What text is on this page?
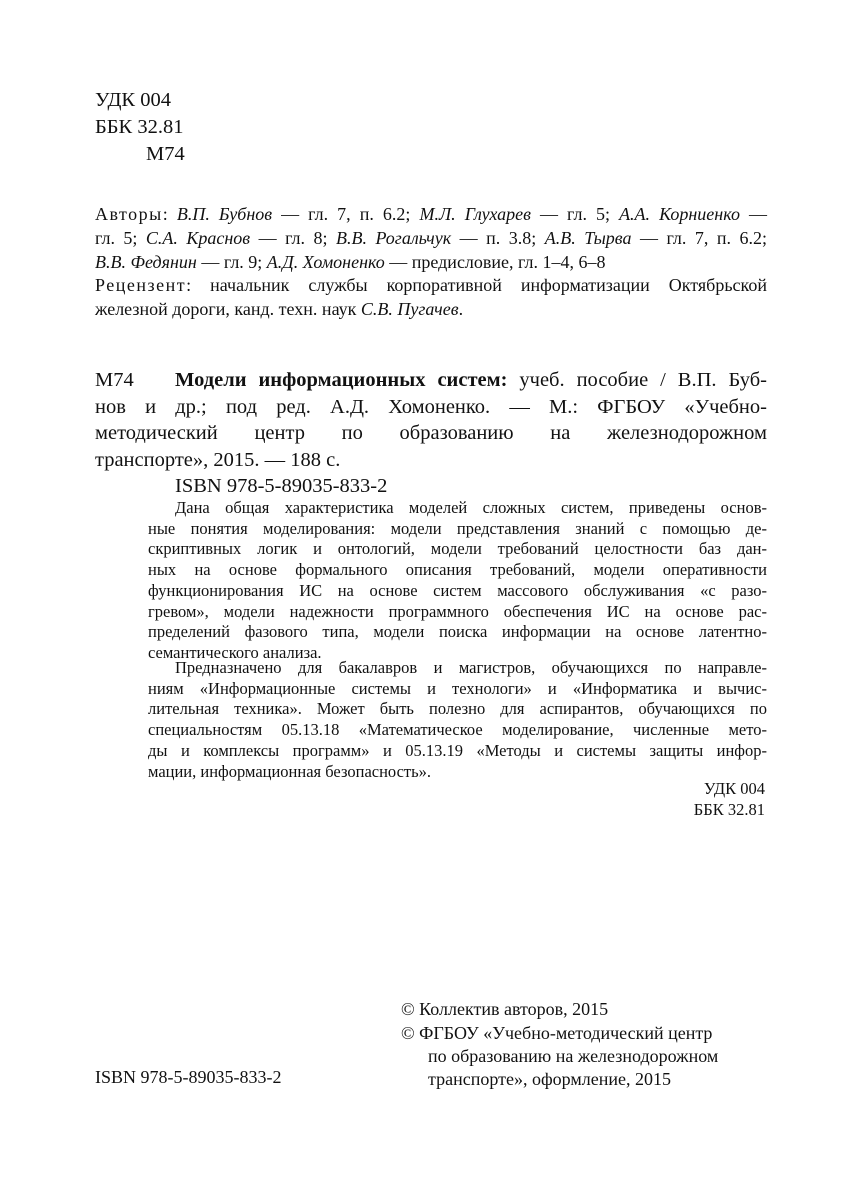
УДК 004
ББК 32.81
М74
Авторы: В.П. Бубнов — гл. 7, п. 6.2; М.Л. Глухарев — гл. 5; А.А. Корниенко —
гл. 5; С.А. Краснов — гл. 8; В.В. Рогальчук — п. 3.8; А.В. Тырва — гл. 7, п. 6.2;
В.В. Федянин — гл. 9; А.Д. Хомоненко — предисловие, гл. 1–4, 6–8
Рецензент: начальник службы корпоративной информатизации Октябрьской
железной дороги, канд. техн. наук С.В. Пугачев.
М74 Модели информационных систем: учеб. пособие / В.П. Буб-
нов и др.; под ред. А.Д. Хомоненко. — М.: ФГБОУ «Учебно-
методический центр по образованию на железнодорожном
транспорте», 2015. — 188 с.
ISBN 978-5-89035-833-2
Дана общая характеристика моделей сложных систем, приведены основ-
ные понятия моделирования: модели представления знаний с помощью де-
скриптивных логик и онтологий, модели требований целостности баз дан-
ных на основе формального описания требований, модели оперативности
функционирования ИС на основе систем массового обслуживания «с разо-
гревом», модели надежности программного обеспечения ИС на основе рас-
пределений фазового типа, модели поиска информации на основе латентно-
семантического анализа.
Предназначено для бакалавров и магистров, обучающихся по направле-
ниям «Информационные системы и технологи» и «Информатика и вычис-
лительная техника». Может быть полезно для аспирантов, обучающихся по
специальностям 05.13.18 «Математическое моделирование, численные мето-
ды и комплексы программ» и 05.13.19 «Методы и системы защиты инфор-
мации, информационная безопасность».
УДК 004
ББК 32.81
ISBN 978-5-89035-833-2
© Коллектив авторов, 2015
© ФГБОУ «Учебно-методический центр
по образованию на железнодорожном
транспорте», оформление, 2015
